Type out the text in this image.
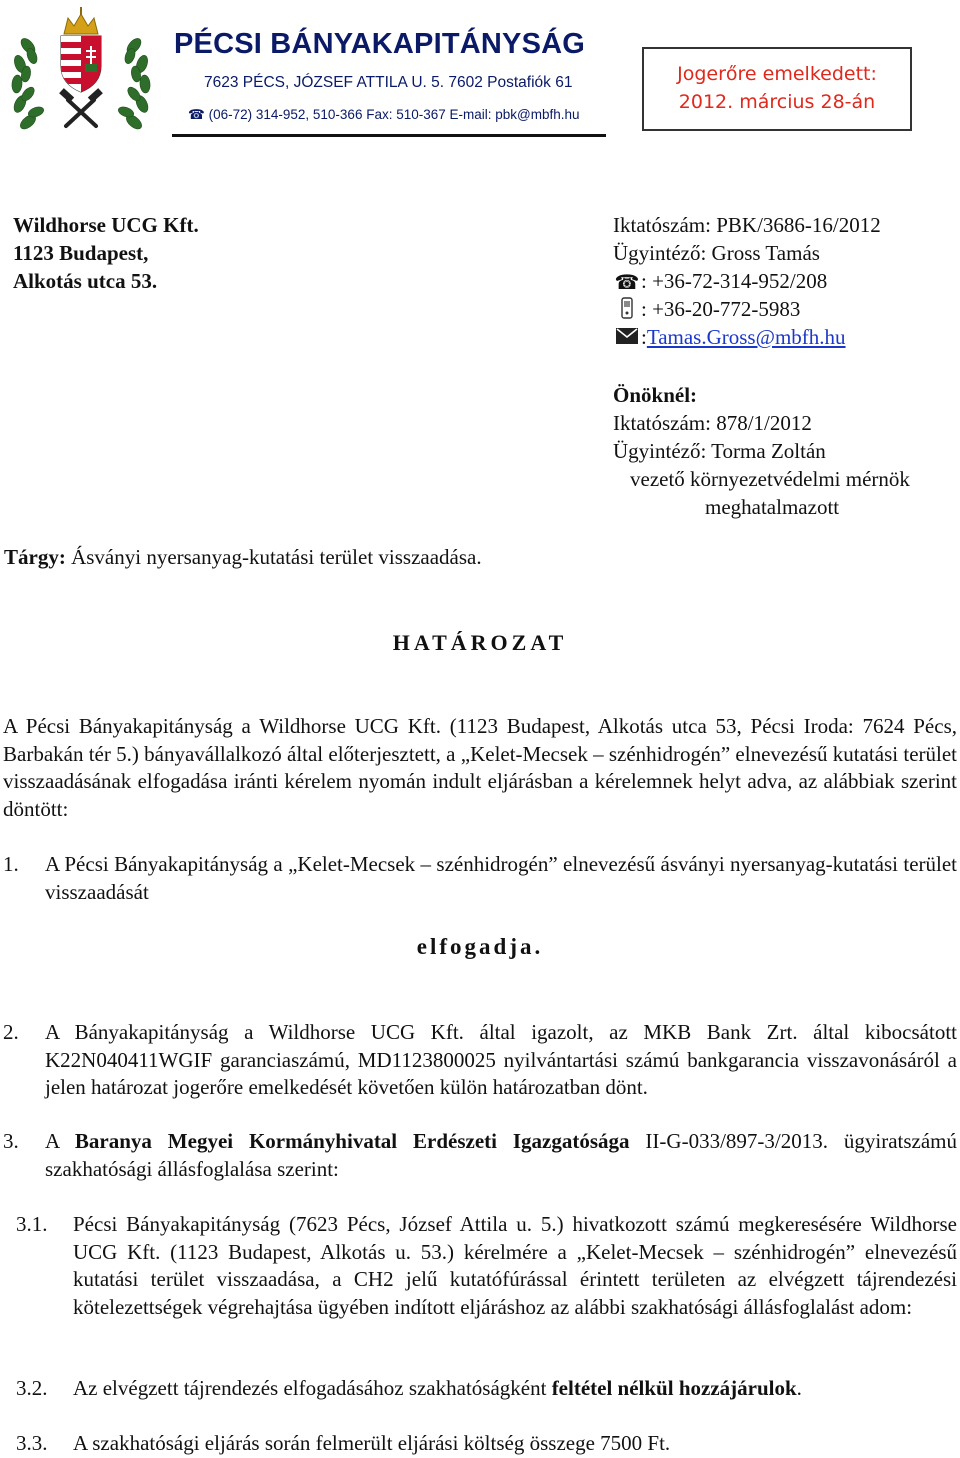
PÉCSI BÁNYAKAPITÁNYSÁG
7623 PÉCS, JÓZSEF ATTILA U. 5. 7602 Postafiók 61
☎ (06-72) 314-952, 510-366 Fax: 510-367 E-mail: pbk@mbfh.hu
Jogerőre emelkedett:
2012. március 28-án
Wildhorse UCG Kft.
1123 Budapest,
Alkotás utca 53.
Iktatószám: PBK/3686-16/2012
Ügyintéző: Gross Tamás
☎ : +36-72-314-952/208
: +36-20-772-5983
: Tamas.Gross@mbfh.hu
Önöknél:
Iktatószám: 878/1/2012
Ügyintéző: Torma Zoltán
vezető környezetvédelmi mérnök
meghatalmazott
Tárgy: Ásványi nyersanyag-kutatási terület visszaadása.
HATÁROZAT
A Pécsi Bányakapitányság a Wildhorse UCG Kft. (1123 Budapest, Alkotás utca 53, Pécsi Iroda: 7624 Pécs, Barbakán tér 5.) bányavállalkozó által előterjesztett, a „Kelet-Mecsek – szénhidrogén” elnevezésű kutatási terület visszaadásának elfogadása iránti kérelem nyomán indult eljárásban a kérelemnek helyt adva, az alábbiak szerint döntött:
1.	A Pécsi Bányakapitányság a „Kelet-Mecsek – szénhidrogén” elnevezésű ásványi nyersanyag-kutatási terület visszaadását
elfogadja.
2.	A Bányakapitányság a Wildhorse UCG Kft. által igazolt, az MKB Bank Zrt. által kibocsátott K22N040411WGIF garanciaszámú, MD1123800025 nyilvántartási számú bankgarancia visszavonásáról a jelen határozat jogerőre emelkedését követően külön határozatban dönt.
3.	A Baranya Megyei Kormányhivatal Erdészeti Igazgatósága II-G-033/897-3/2013. ügyiratszámú szakhatósági állásfoglalása szerint:
3.1.	Pécsi Bányakapitányság (7623 Pécs, József Attila u. 5.) hivatkozott számú megkeresésére Wildhorse UCG Kft. (1123 Budapest, Alkotás u. 53.) kérelmére a „Kelet-Mecsek – szénhidrogén” elnevezésű kutatási terület visszaadása, a CH2 jelű kutatófúrással érintett területen az elvégzett tájrendezési kötelezettségek végrehajtása ügyében indított eljáráshoz az alábbi szakhatósági állásfoglalást adom:
3.2.	Az elvégzett tájrendezés elfogadásához szakhatóságként feltétel nélkül hozzájárulok.
3.3.	A szakhatósági eljárás során felmerült eljárási költség összege 7500 Ft.
